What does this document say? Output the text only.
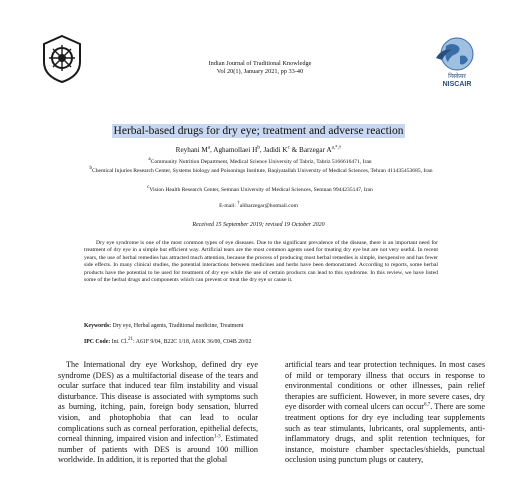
निस्केयर
NISCAIR
Indian Journal of Traditional Knowledge
Vol 20(1), January 2021, pp 33-40
Herbal-based drugs for dry eye; treatment and adverse reaction
Reyhani $M^a$, Aghamollaei $H^b$, Jadidi $K^c$ & Barzegar $A^{a,*,\dagger}$
$^a$Community Nutrition Department, Medical Science University of Tabriz, Tabriz 5166616471, Iran
$^b$Chemical Injuries Research Center, Systems biology and Poisonings Institute, Baqiyatallah University of Medical Sciences, Tehran 411435453685, Iran
$^c$Vision Health Research Center, Semnan University of Medical Sciences, Semnan 9944235147, Iran
E-mail: †alibarzegar@hotmail.com
Received 15 September 2019; revised 19 October 2020

Dry eye syndrome is one of the most common types of eye diseases. Due to the significant prevalence of the disease, there is an important need for treatment of dry eye in a simple but efficient way. Artificial tears are the most common agents used for treating dry eye but are not very useful. In recent years, the use of herbal remedies has attracted much attention, because the process of producing most herbal remedies is simple, inexpensive and has fewer side effects. In many clinical studies, the potential interactions between medicines and herbs have been demonstrated. According to reports, some herbal products have the potential to be used for treatment of dry eye while the use of certain products can lead to this syndrome. In this review, we have listed some of the herbal drugs and components which can prevent or treat the dry eye or cause it.

Keywords: Dry eye, Herbal agents, Traditional medicine, Treatment
IPC Code: Int. Cl.$^{21}$: A61F 9/04, B22C 1/18, A61K 36/00, C04B 20/02

The International dry eye Workshop, defined dry eye syndrome (DES) as a multifactorial disease of the tears and ocular surface that induced tear film instability and visual disturbance. This disease is associated with symptoms such as burning, itching, pain, foreign body sensation, blurred vision, and photophobia that can lead to ocular complications such as corneal perforation, epithelial defects, corneal thinning, impaired vision and infection$^{1-3}$. Estimated number of patients with DES is around 100 million worldwide. In addition, it is reported that the global

artificial tears and tear protection techniques. In most cases of mild or temporary illness that occurs in response to environmental conditions or other illnesses, pain relief therapies are sufficient. However, in more severe cases, dry eye disorder with corneal ulcers can occur$^{6,7}$. There are some treatment options for dry eye including tear supplements such as tear stimulants, lubricants, oral supplements, anti-inflammatory drugs, and split retention techniques, for instance, moisture chamber spectacles/shields, punctual occlusion using punctum plugs or cautery,
